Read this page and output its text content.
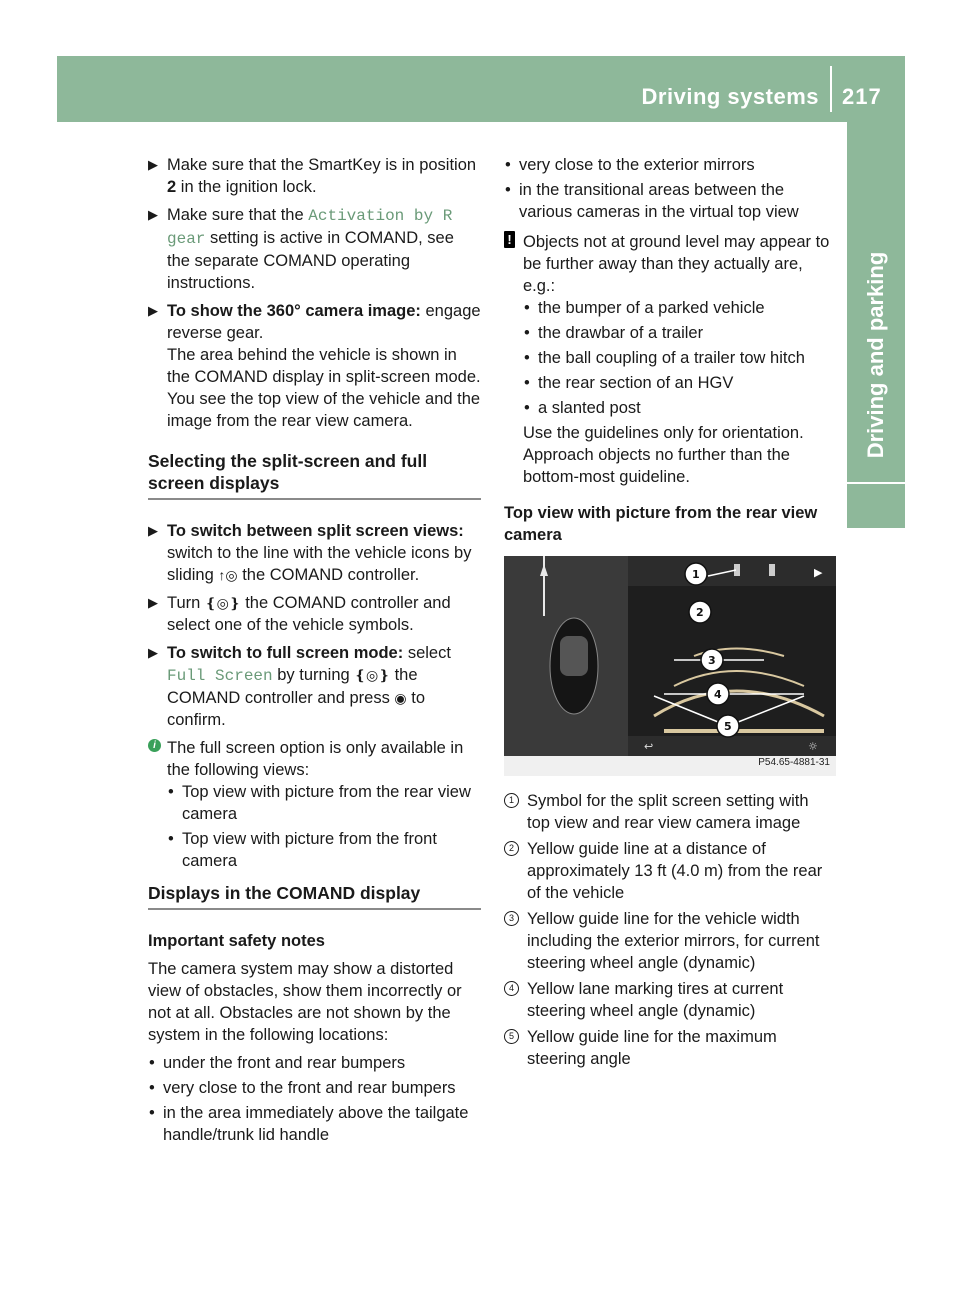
Driving systems 217
Driving and parking
▶ Make sure that the SmartKey is in position 2 in the ignition lock.
▶ Make sure that the Activation by R gear setting is active in COMAND, see the separate COMAND operating instructions.
▶ To show the 360° camera image: engage reverse gear.
The area behind the vehicle is shown in the COMAND display in split-screen mode. You see the top view of the vehicle and the image from the rear view camera.
Selecting the split-screen and full screen displays
▶ To switch between split screen views: switch to the line with the vehicle icons by sliding ↑◎ the COMAND controller.
▶ Turn ❴◎❵ the COMAND controller and select one of the vehicle symbols.
▶ To switch to full screen mode: select Full Screen by turning ❴◎❵ the COMAND controller and press ◉ to confirm.
i The full screen option is only available in the following views:
• Top view with picture from the rear view camera
• Top view with picture from the front camera
Displays in the COMAND display
Important safety notes
The camera system may show a distorted view of obstacles, show them incorrectly or not at all. Obstacles are not shown by the system in the following locations:
• under the front and rear bumpers
• very close to the front and rear bumpers
• in the area immediately above the tailgate handle/trunk lid handle
• very close to the exterior mirrors
• in the transitional areas between the various cameras in the virtual top view
! Objects not at ground level may appear to be further away than they actually are, e.g.:
• the bumper of a parked vehicle
• the drawbar of a trailer
• the ball coupling of a trailer tow hitch
• the rear section of an HGV
• a slanted post
Use the guidelines only for orientation. Approach objects no further than the bottom-most guideline.
Top view with picture from the rear view camera
▶
↩	☼
1
2
3
4
5
P54.65-4881-31
1 Symbol for the split screen setting with top view and rear view camera image
2 Yellow guide line at a distance of approximately 13 ft (4.0 m) from the rear of the vehicle
3 Yellow guide line for the vehicle width including the exterior mirrors, for current steering wheel angle (dynamic)
4 Yellow lane marking tires at current steering wheel angle (dynamic)
5 Yellow guide line for the maximum steering angle
